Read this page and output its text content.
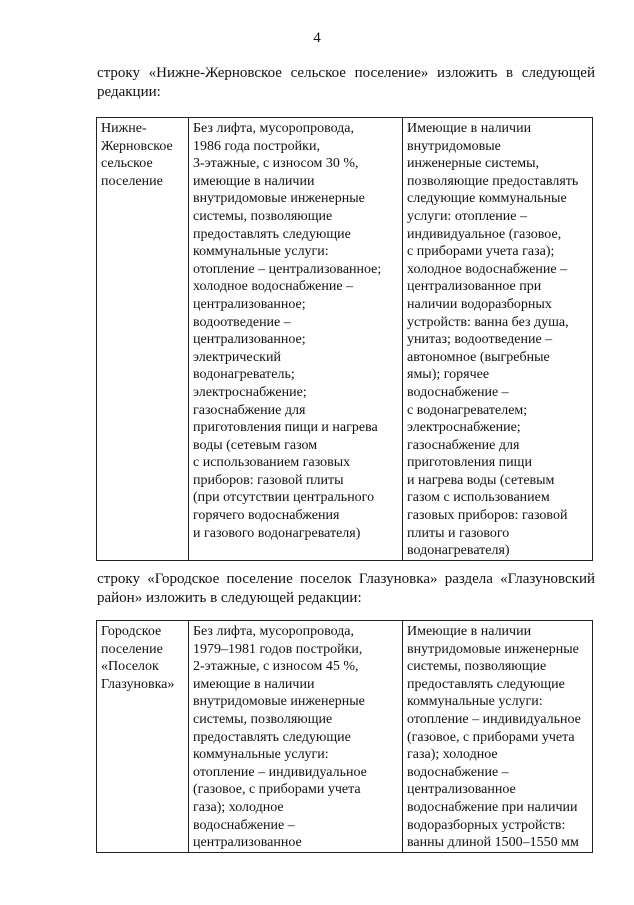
4

строку «Нижне-Жерновское сельское поселение» изложить в следующей редакции:

Нижне-
Жерновское
сельское
поселение	Без лифта, мусоропровода,
1986 года постройки,
3-этажные, с износом 30 %,
имеющие в наличии
внутридомовые инженерные
системы, позволяющие
предоставлять следующие
коммунальные услуги:
отопление – централизованное;
холодное водоснабжение –
централизованное;
водоотведение –
централизованное;
электрический
водонагреватель;
электроснабжение;
газоснабжение для
приготовления пищи и нагрева
воды (сетевым газом
с использованием газовых
приборов: газовой плиты
(при отсутствии центрального
горячего водоснабжения
и газового водонагревателя)	Имеющие в наличии
внутридомовые
инженерные системы,
позволяющие предоставлять
следующие коммунальные
услуги: отопление –
индивидуальное (газовое,
с приборами учета газа);
холодное водоснабжение –
централизованное при
наличии водоразборных
устройств: ванна без душа,
унитаз; водоотведение –
автономное (выгребные
ямы); горячее
водоснабжение –
с водонагревателем;
электроснабжение;
газоснабжение для
приготовления пищи
и нагрева воды (сетевым
газом с использованием
газовых приборов: газовой
плиты и газового
водонагревателя)

строку «Городское поселение поселок Глазуновка» раздела «Глазуновский район» изложить в следующей редакции:

Городское
поселение
«Поселок
Глазуновка»	Без лифта, мусоропровода,
1979–1981 годов постройки,
2-этажные, с износом 45 %,
имеющие в наличии
внутридомовые инженерные
системы, позволяющие
предоставлять следующие
коммунальные услуги:
отопление – индивидуальное
(газовое, с приборами учета
газа); холодное
водоснабжение –
централизованное	Имеющие в наличии
внутридомовые инженерные
системы, позволяющие
предоставлять следующие
коммунальные услуги:
отопление – индивидуальное
(газовое, с приборами учета
газа); холодное
водоснабжение –
централизованное
водоснабжение при наличии
водоразборных устройств:
ванны длиной 1500–1550 мм
